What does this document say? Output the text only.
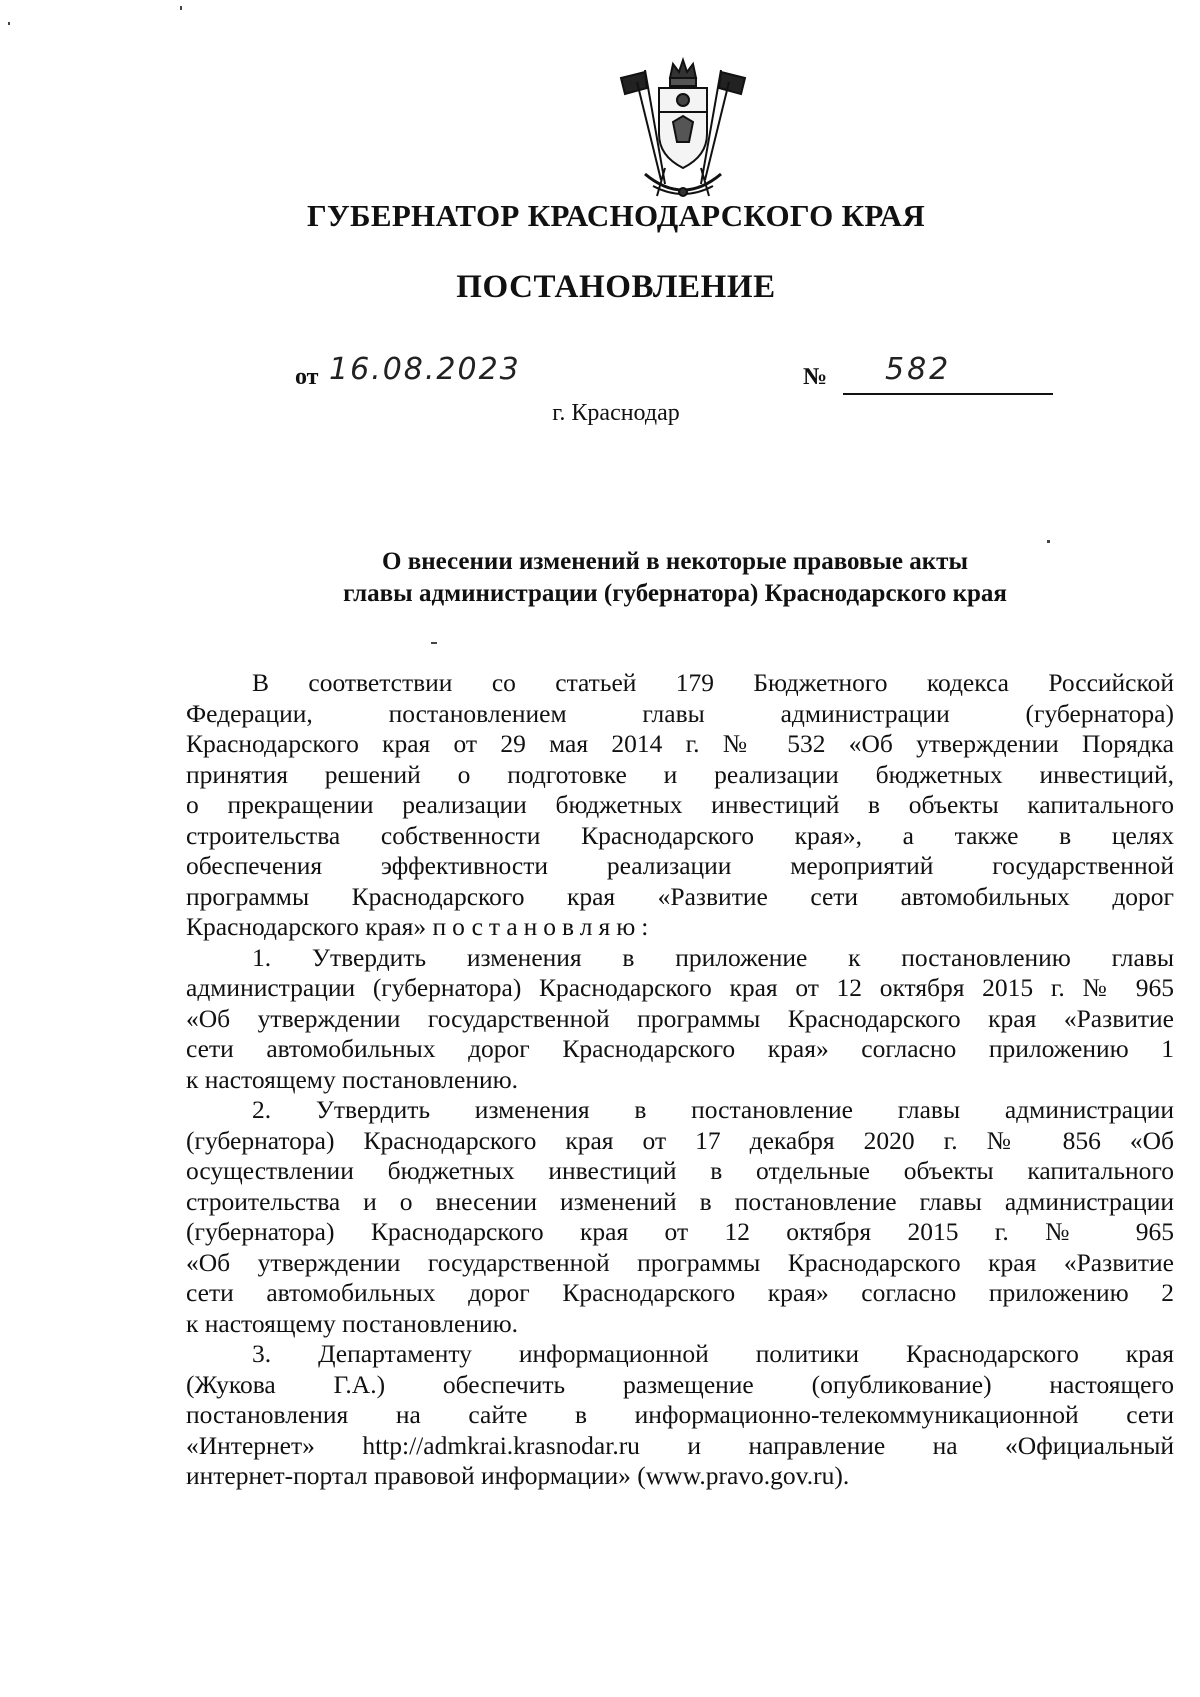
ГУБЕРНАТОР КРАСНОДАРСКОГО КРАЯ
ПОСТАНОВЛЕНИЕ
от 16.08.2023	№ 582
г. Краснодар
О внесении изменений в некоторые правовые акты
главы администрации (губернатора) Краснодарского края

В соответствии со статьей 179 Бюджетного кодекса Российской

Федерации, постановлением главы администрации (губернатора)

Краснодарского края от 29 мая 2014 г. № 532 «Об утверждении Порядка

принятия решений о подготовке и реализации бюджетных инвестиций,

о прекращении реализации бюджетных инвестиций в объекты капитального

строительства собственности Краснодарского края», а также в целях

обеспечения эффективности реализации мероприятий государственной

программы Краснодарского края «Развитие сети автомобильных дорог

Краснодарского края» постановляю:

1. Утвердить изменения в приложение к постановлению главы

администрации (губернатора) Краснодарского края от 12 октября 2015 г. № 965

«Об утверждении государственной программы Краснодарского края «Развитие

сети автомобильных дорог Краснодарского края» согласно приложению 1

к настоящему постановлению.

2. Утвердить изменения в постановление главы администрации

(губернатора) Краснодарского края от 17 декабря 2020 г. № 856 «Об

осуществлении бюджетных инвестиций в отдельные объекты капитального

строительства и о внесении изменений в постановление главы администрации

(губернатора) Краснодарского края от 12 октября 2015 г. № 965

«Об утверждении государственной программы Краснодарского края «Развитие

сети автомобильных дорог Краснодарского края» согласно приложению 2

к настоящему постановлению.

3. Департаменту информационной политики Краснодарского края

(Жукова Г.А.) обеспечить размещение (опубликование) настоящего

постановления на сайте в информационно-телекоммуникационной сети

«Интернет» http://admkrai.krasnodar.ru и направление на «Официальный

интернет-портал правовой информации» (www.pravo.gov.ru).
